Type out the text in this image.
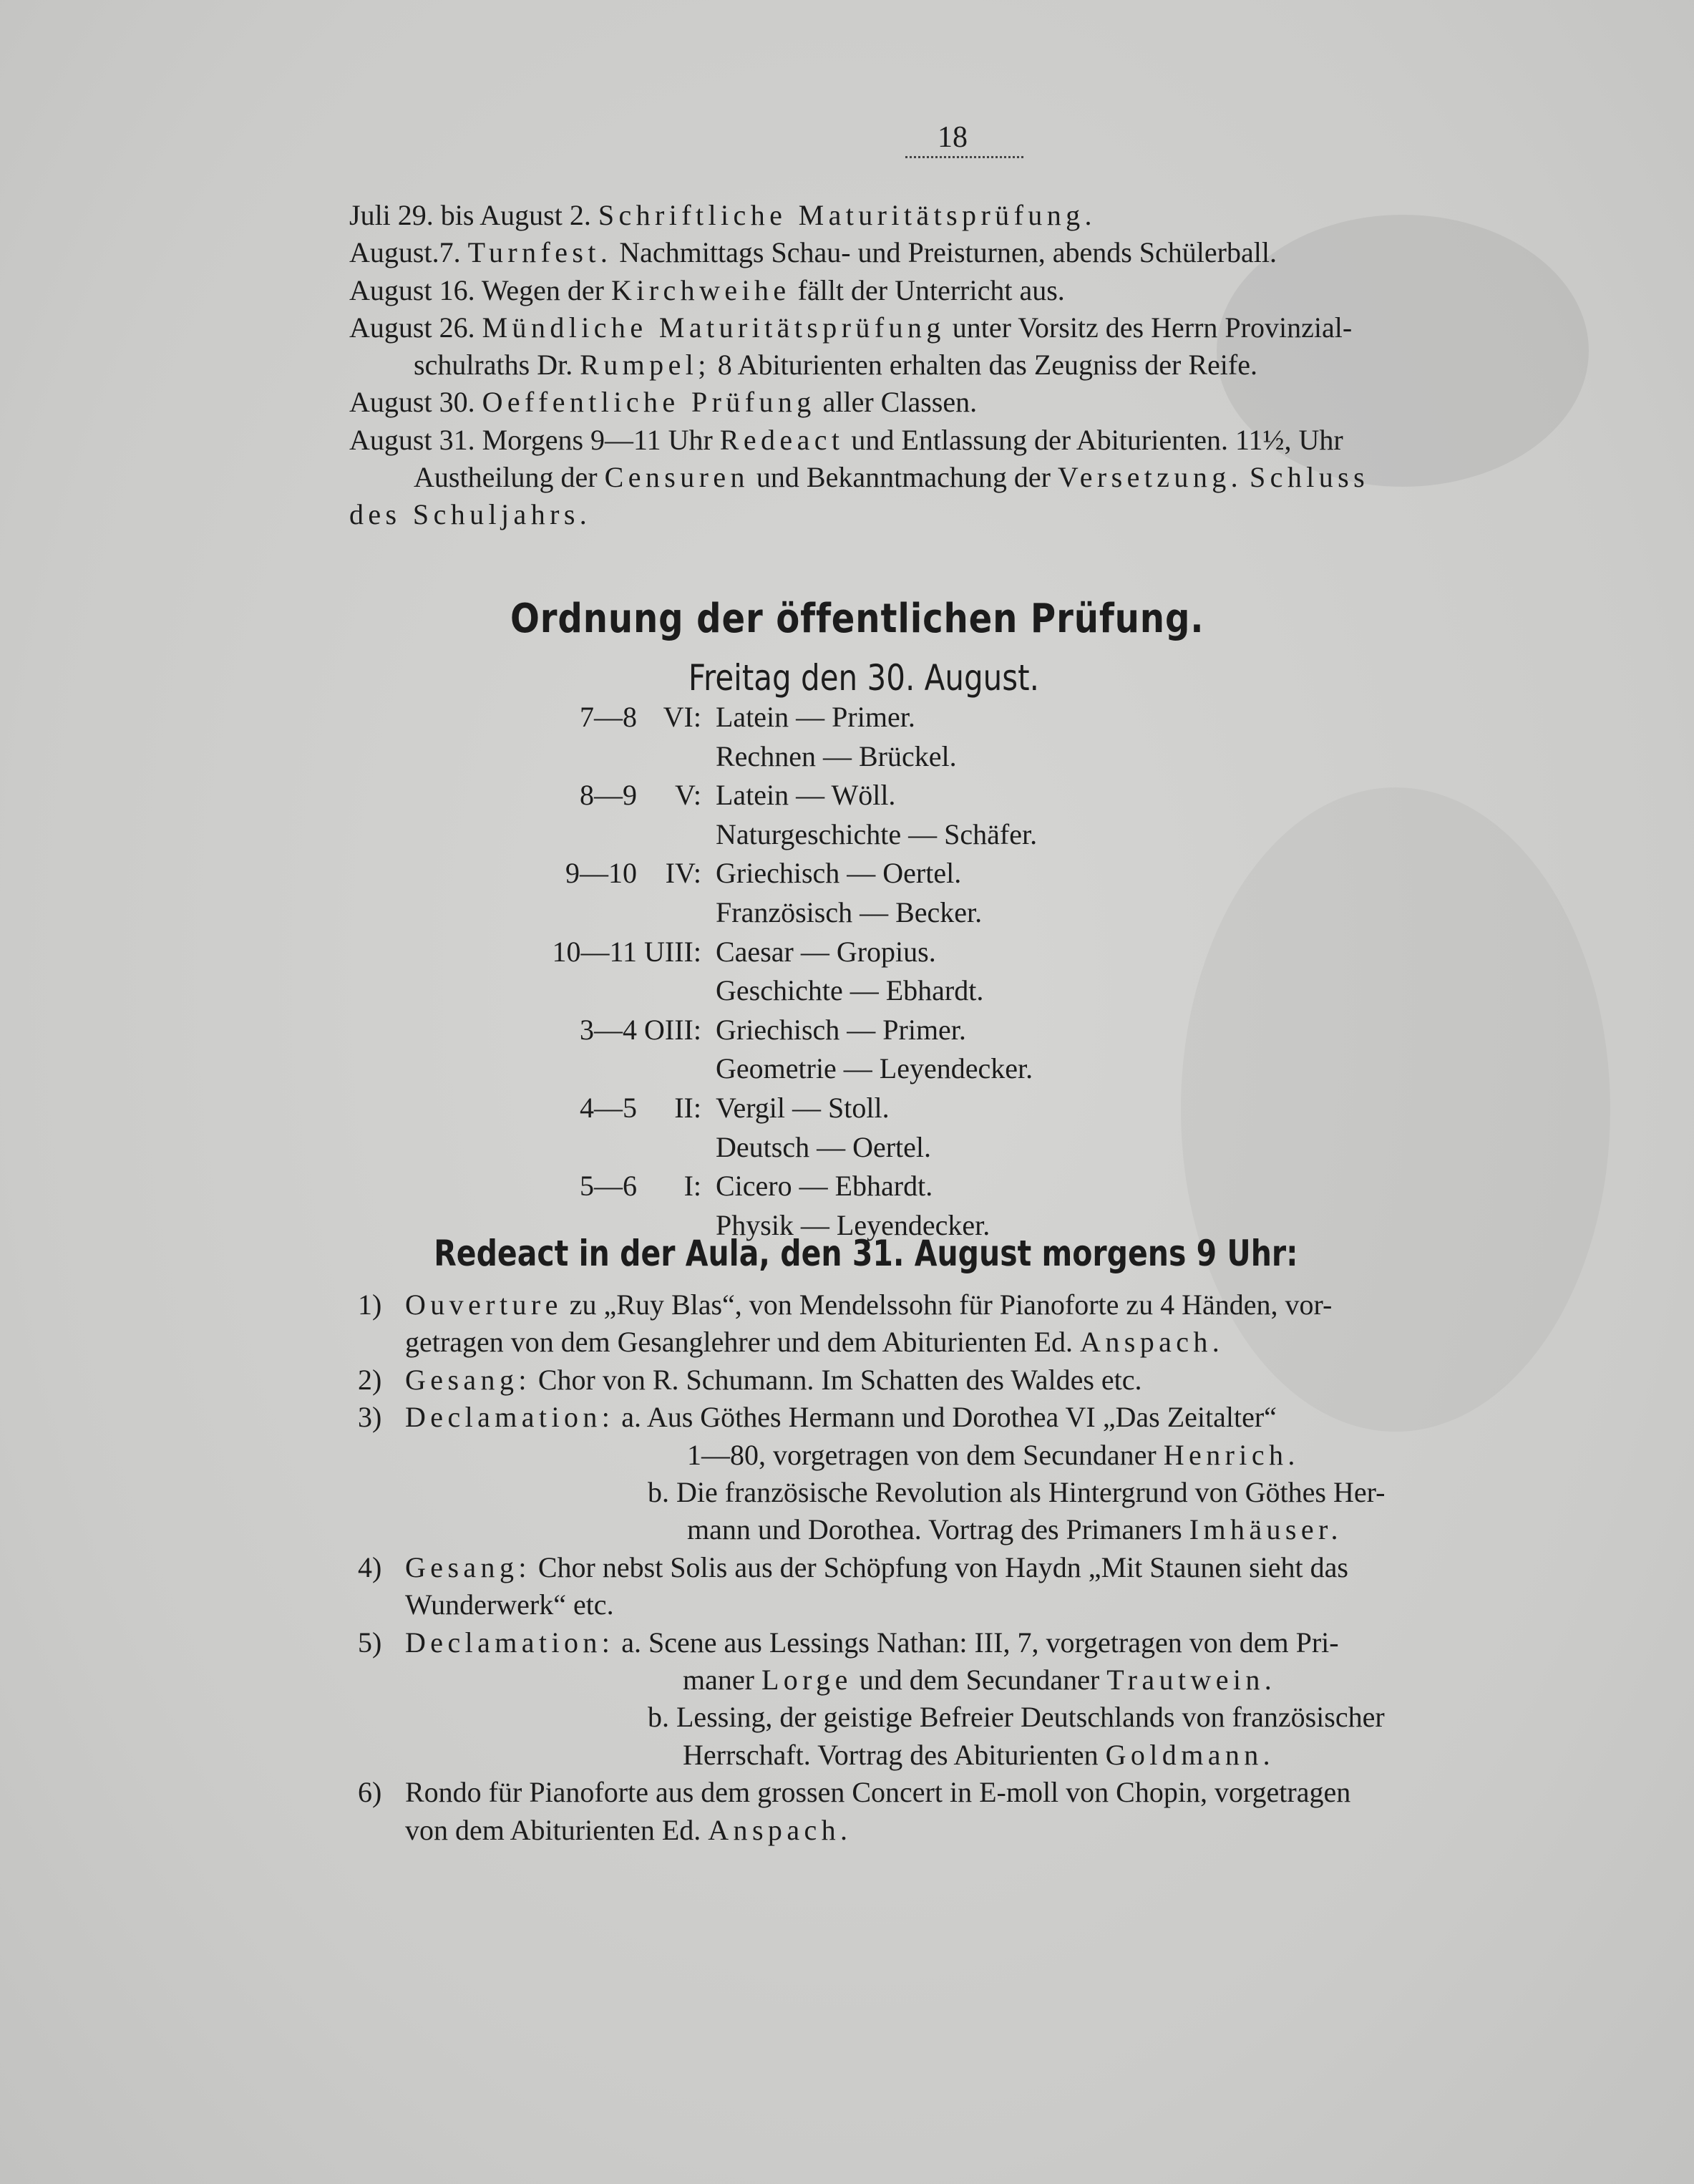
18
Juli 29. bis August 2. Schriftliche Maturitätsprüfung.
August.7. Turnfest. Nachmittags Schau- und Preisturnen, abends Schülerball.
August 16. Wegen der Kirchweihe fällt der Unterricht aus.
August 26. Mündliche Maturitätsprüfung unter Vorsitz des Herrn Provinzial-
schulraths Dr. Rumpel; 8 Abiturienten erhalten das Zeugniss der Reife.
August 30. Oeffentliche Prüfung aller Classen.
August 31. Morgens 9—11 Uhr Redeact und Entlassung der Abiturienten. 11½, Uhr
Austheilung der Censuren und Bekanntmachung der Versetzung. Schluss
des Schuljahrs.
Ordnung der öffentlichen Prüfung.
Freitag den 30. August.
7—8 VI: Latein — Primer.
Rechnen — Brückel.
8—9	V: Latein — Wöll.
Naturgeschichte — Schäfer.
9—10 IV: Griechisch — Oertel.
Französisch — Becker.
10—11 UIII: Caesar — Gropius.
Geschichte — Ebhardt.
3—4 OIII: Griechisch — Primer.
Geometrie — Leyendecker.
4—5	II: Vergil — Stoll.
Deutsch — Oertel.
5—6	I: Cicero — Ebhardt.
Physik — Leyendecker.
Redeact in der Aula, den 31. August morgens 9 Uhr:
1) Ouverture zu „Ruy Blas“, von Mendelssohn für Pianoforte zu 4 Händen, vor-
getragen von dem Gesanglehrer und dem Abiturienten Ed. Anspach.
2) Gesang: Chor von R. Schumann. Im Schatten des Waldes etc.
3) Declamation: a. Aus Göthes Hermann und Dorothea VI „Das Zeitalter“
1—80, vorgetragen von dem Secundaner Henrich.
b. Die französische Revolution als Hintergrund von Göthes Her-
mann und Dorothea. Vortrag des Primaners Imhäuser.
4) Gesang: Chor nebst Solis aus der Schöpfung von Haydn „Mit Staunen sieht das
Wunderwerk“ etc.
5) Declamation: a. Scene aus Lessings Nathan: III, 7, vorgetragen von dem Pri-
maner Lorge und dem Secundaner Trautwein.
b. Lessing, der geistige Befreier Deutschlands von französischer
Herrschaft. Vortrag des Abiturienten Goldmann.
6) Rondo für Pianoforte aus dem grossen Concert in E-moll von Chopin, vorgetragen
von dem Abiturienten Ed. Anspach.
